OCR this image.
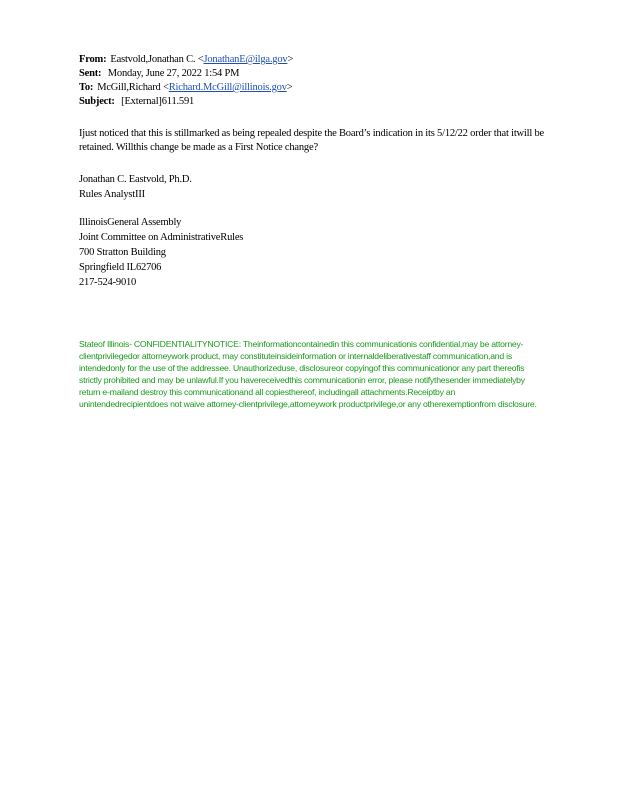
From: Eastvold,Jonathan C. <JonathanE@ilga.gov>
Sent: Monday, June 27, 2022 1:54 PM
To: McGill,Richard <Richard.McGill@illinois.gov>
Subject: [External]611.591

Ijust noticed that this is stillmarked as being repealed despite the Board’s indication in its 5/12/22 order that itwill be retained. Willthis change be made as a First Notice change?

Jonathan C. Eastvold, Ph.D.
Rules AnalystIII
IllinoisGeneral Assembly
Joint Committee on AdministrativeRules
700 Stratton Building
Springfield IL62706
217-524-9010
Stateof Illinois- CONFIDENTIALITYNOTICE: Theinformationcontainedin this communicationis confidential,may be attorney-clientprivilegedor attorneywork product, may constituteinsideinformation or internaldeliberativestaff communication,and is intendedonly for the use of the addressee. Unauthorizeduse, disclosureor copyingof this communicationor any part thereofis strictly prohibited and may be unlawful.If you havereceivedthis communicationin error, please notifythesender immediatelyby return e-mailand destroy this communicationand all copiesthereof, includingall attachments.Receiptby an unintendedrecipientdoes not waive attorney-clientprivilege,attorneywork productprivilege,or any otherexemptionfrom disclosure.
